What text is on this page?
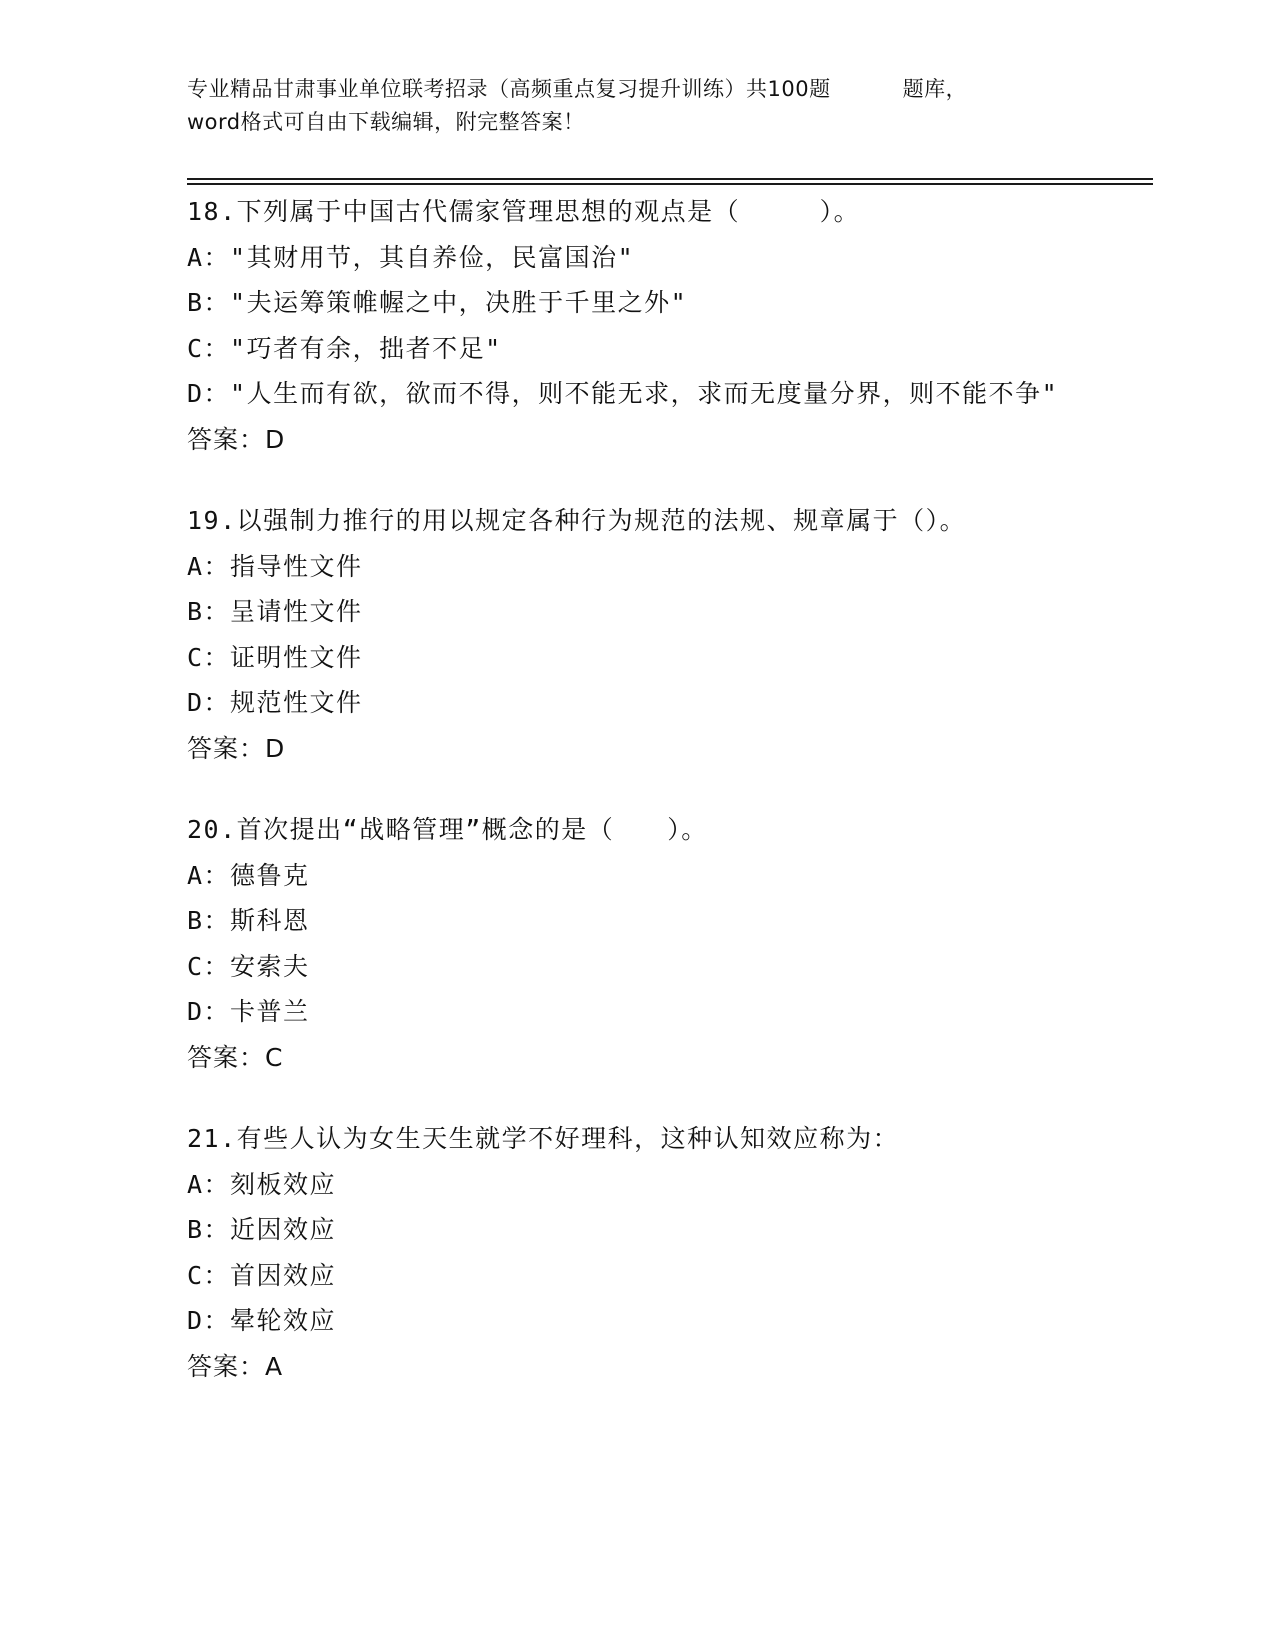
专业精品甘肃事业单位联考招录（高频重点复习提升训练）共100题	题库，
word格式可自由下载编辑，附完整答案！
18.下列属于中国古代儒家管理思想的观点是（　　　）。
A："其财用节，其自养俭，民富国治"
B："夫运筹策帷幄之中，决胜于千里之外"
C："巧者有余，拙者不足"
D："人生而有欲，欲而不得，则不能无求，求而无度量分界，则不能不争"
答案：D
19.以强制力推行的用以规定各种行为规范的法规、规章属于（）。
A：指导性文件
B：呈请性文件
C：证明性文件
D：规范性文件
答案：D
20.首次提出“战略管理”概念的是（　　）。
A：德鲁克
B：斯科恩
C：安索夫
D：卡普兰
答案：C
21.有些人认为女生天生就学不好理科，这种认知效应称为：
A：刻板效应
B：近因效应
C：首因效应
D：晕轮效应
答案：A
